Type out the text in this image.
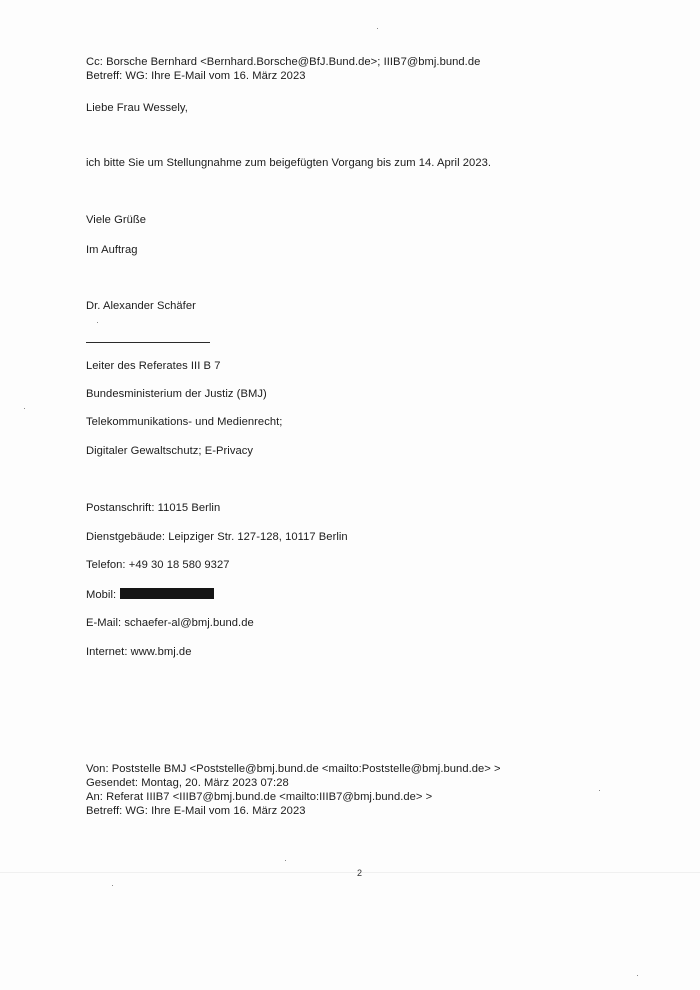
Cc: Borsche Bernhard <Bernhard.Borsche@BfJ.Bund.de>; IIIB7@bmj.bund.de
Betreff: WG: Ihre E-Mail vom 16. März 2023
Liebe Frau Wessely,
ich bitte Sie um Stellungnahme zum beigefügten Vorgang bis zum 14. April 2023.
Viele Grüße
Im Auftrag
Dr. Alexander Schäfer
Leiter des Referates III B 7
Bundesministerium der Justiz (BMJ)
Telekommunikations- und Medienrecht;
Digitaler Gewaltschutz; E-Privacy
Postanschrift: 11015 Berlin
Dienstgebäude: Leipziger Str. 127-128, 10117 Berlin
Telefon: +49 30 18 580 9327
Mobil:
E-Mail: schaefer-al@bmj.bund.de
Internet: www.bmj.de
Von: Poststelle BMJ <Poststelle@bmj.bund.de <mailto:Poststelle@bmj.bund.de> >
Gesendet: Montag, 20. März 2023 07:28
An: Referat IIIB7 <IIIB7@bmj.bund.de <mailto:IIIB7@bmj.bund.de> >
Betreff: WG: Ihre E-Mail vom 16. März 2023
2
